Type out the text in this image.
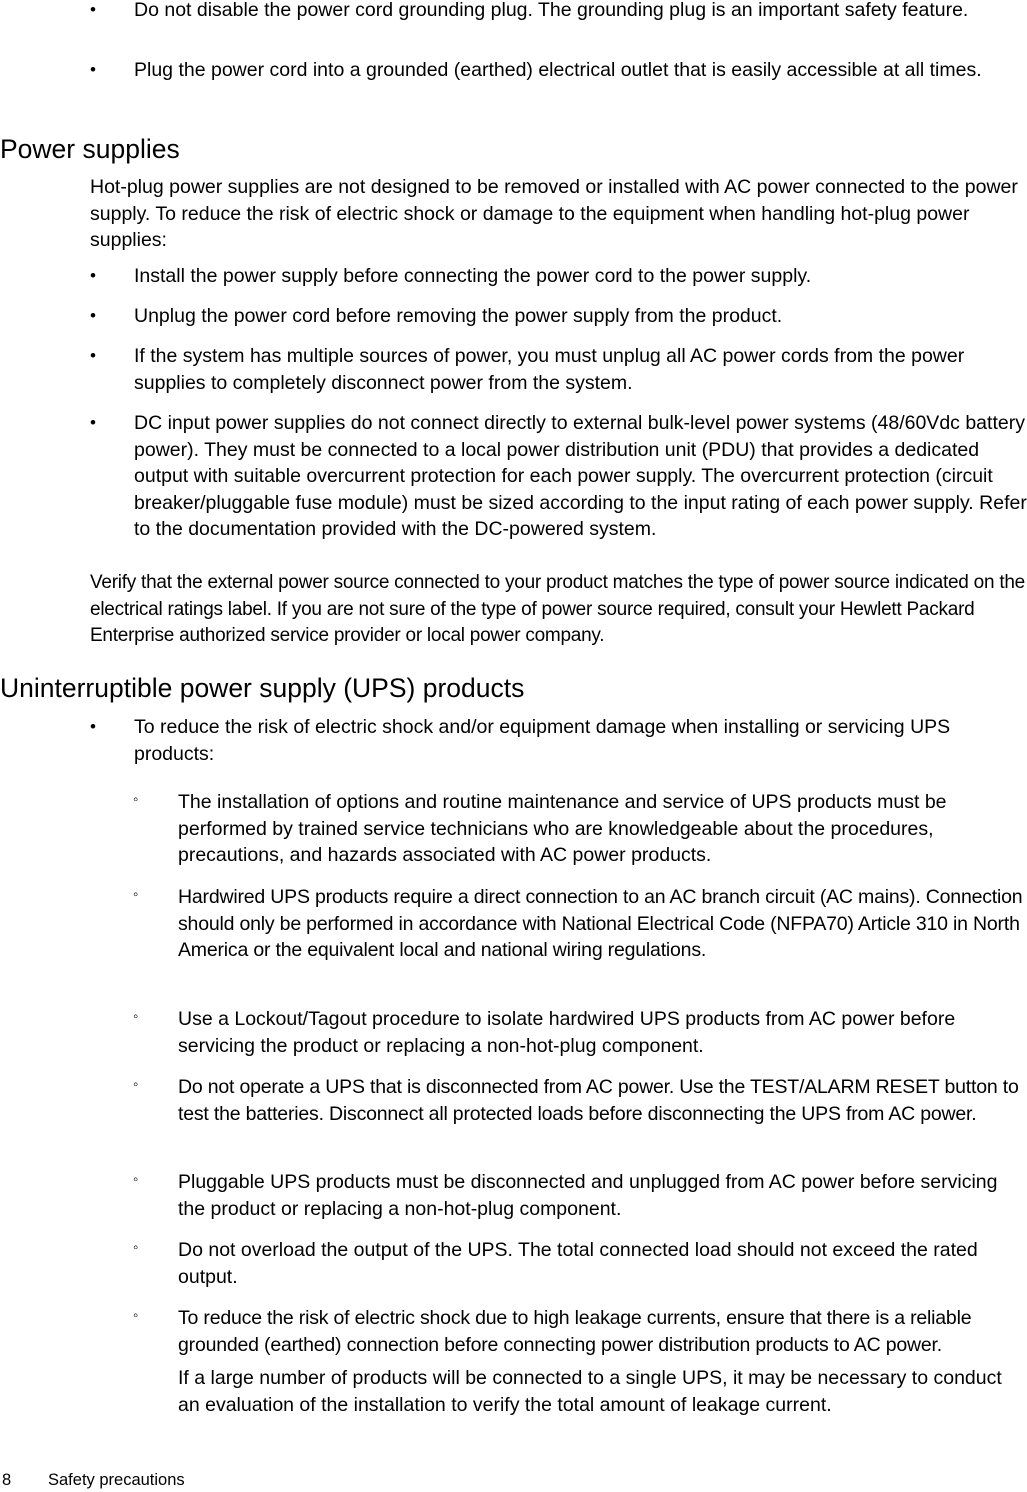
• Do not disable the power cord grounding plug. The grounding plug is an important safety feature.
• Plug the power cord into a grounded (earthed) electrical outlet that is easily accessible at all times.
Power supplies

Hot-plug power supplies are not designed to be removed or installed with AC power connected to the power supply. To reduce the risk of electric shock or damage to the equipment when handling hot-plug power supplies:

• Install the power supply before connecting the power cord to the power supply.
• Unplug the power cord before removing the power supply from the product.
• If the system has multiple sources of power, you must unplug all AC power cords from the power supplies to completely disconnect power from the system.
• DC input power supplies do not connect directly to external bulk-level power systems (48/60Vdc battery power). They must be connected to a local power distribution unit (PDU) that provides a dedicated output with suitable overcurrent protection for each power supply. The overcurrent protection (circuit breaker/pluggable fuse module) must be sized according to the input rating of each power supply. Refer to the documentation provided with the DC-powered system.

Verify that the external power source connected to your product matches the type of power source indicated on the electrical ratings label. If you are not sure of the type of power source required, consult your Hewlett Packard Enterprise authorized service provider or local power company.

Uninterruptible power supply (UPS) products
• To reduce the risk of electric shock and/or equipment damage when installing or servicing UPS products:
◦ The installation of options and routine maintenance and service of UPS products must be performed by trained service technicians who are knowledgeable about the procedures, precautions, and hazards associated with AC power products.
◦ Hardwired UPS products require a direct connection to an AC branch circuit (AC mains). Connection should only be performed in accordance with National Electrical Code (NFPA70) Article 310 in North America or the equivalent local and national wiring regulations.
◦ Use a Lockout/Tagout procedure to isolate hardwired UPS products from AC power before servicing the product or replacing a non-hot-plug component.
◦ Do not operate a UPS that is disconnected from AC power. Use the TEST/ALARM RESET button to test the batteries. Disconnect all protected loads before disconnecting the UPS from AC power.
◦ Pluggable UPS products must be disconnected and unplugged from AC power before servicing the product or replacing a non-hot-plug component.
◦ Do not overload the output of the UPS. The total connected load should not exceed the rated output.
◦ To reduce the risk of electric shock due to high leakage currents, ensure that there is a reliable grounded (earthed) connection before connecting power distribution products to AC power.
If a large number of products will be connected to a single UPS, it may be necessary to conduct an evaluation of the installation to verify the total amount of leakage current.
8 Safety precautions
